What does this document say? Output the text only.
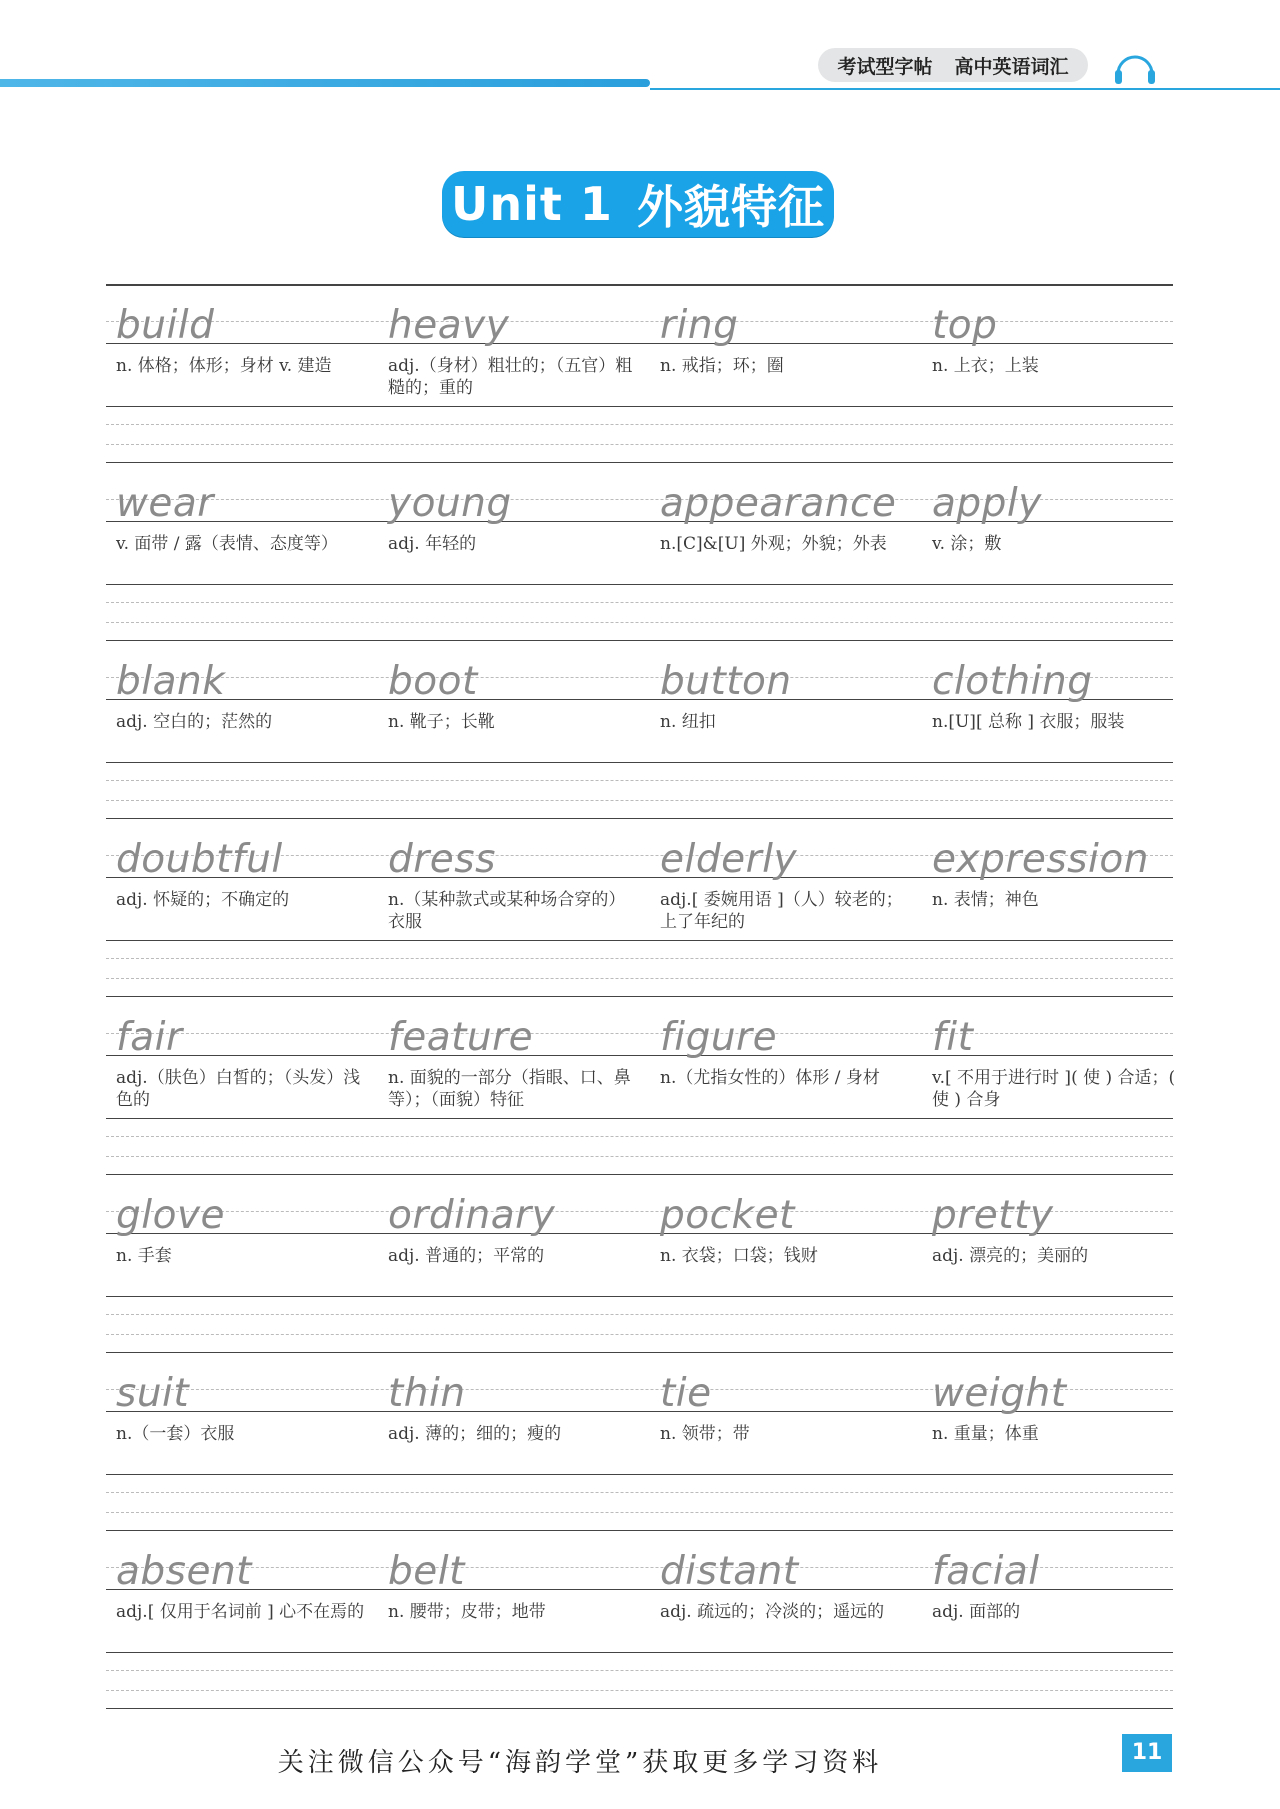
考试型字帖 高中英语词汇
Unit 1 外貌特征
build
n. 体格；体形；身材 v. 建造
heavy
adj.（身材）粗壮的；（五官）粗糙的；重的
ring
n. 戒指；环；圈
top
n. 上衣；上装
wear
v. 面带 / 露（表情、态度等）
young
adj. 年轻的
appearance
n.[C]&[U] 外观；外貌；外表
apply
v. 涂；敷
blank
adj. 空白的；茫然的
boot
n. 靴子；长靴
button
n. 纽扣
clothing
n.[U][ 总称 ] 衣服；服装
doubtful
adj. 怀疑的；不确定的
dress
n.（某种款式或某种场合穿的）衣服
elderly
adj.[ 委婉用语 ]（人）较老的；上了年纪的
expression
n. 表情；神色
fair
adj.（肤色）白皙的；（头发）浅色的
feature
n. 面貌的一部分（指眼、口、鼻等）；（面貌）特征
figure
n.（尤指女性的）体形 / 身材
fit
v.[ 不用于进行时 ]( 使 ) 合适；( 使 ) 合身
glove
n. 手套
ordinary
adj. 普通的；平常的
pocket
n. 衣袋；口袋；钱财
pretty
adj. 漂亮的；美丽的
suit
n.（一套）衣服
thin
adj. 薄的；细的；瘦的
tie
n. 领带；带
weight
n. 重量；体重
absent
adj.[ 仅用于名词前 ] 心不在焉的
belt
n. 腰带；皮带；地带
distant
adj. 疏远的；冷淡的；遥远的
facial
adj. 面部的
关注微信公众号“海韵学堂”获取更多学习资料	11
